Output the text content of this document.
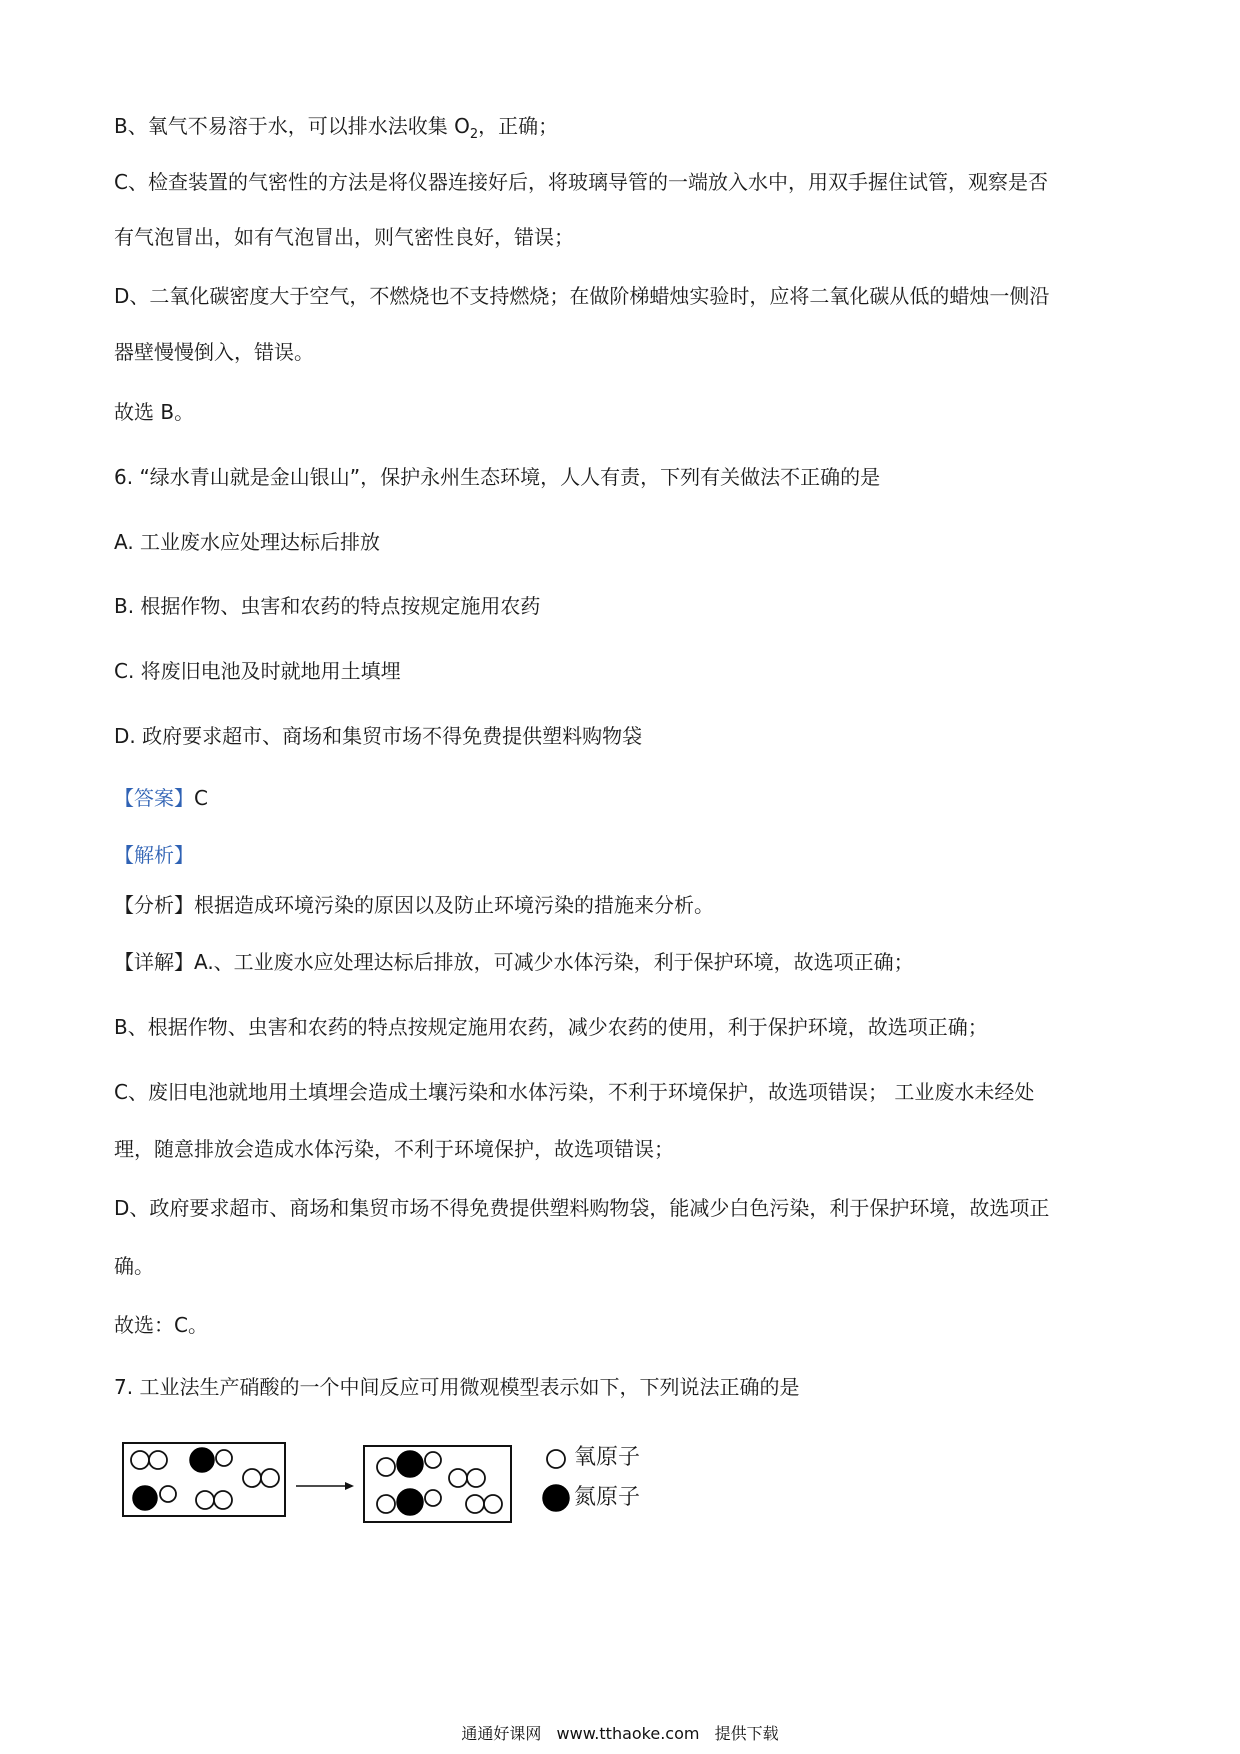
B、氧气不易溶于水，可以排水法收集 $O_2$，正确；
C、检查装置的气密性的方法是将仪器连接好后，将玻璃导管的一端放入水中，用双手握住试管，观察是否
有气泡冒出，如有气泡冒出，则气密性良好，错误；
D、二氧化碳密度大于空气，不燃烧也不支持燃烧；在做阶梯蜡烛实验时，应将二氧化碳从低的蜡烛一侧沿
器壁慢慢倒入，错误。
故选 B。
6. “绿水青山就是金山银山”，保护永州生态环境，人人有责，下列有关做法不正确的是
A. 工业废水应处理达标后排放
B. 根据作物、虫害和农药的特点按规定施用农药
C. 将废旧电池及时就地用土填埋
D. 政府要求超市、商场和集贸市场不得免费提供塑料购物袋
【答案】C
【解析】
【分析】根据造成环境污染的原因以及防止环境污染的措施来分析。
【详解】A.、工业废水应处理达标后排放，可减少水体污染，利于保护环境，故选项正确；
B、根据作物、虫害和农药的特点按规定施用农药，减少农药的使用，利于保护环境，故选项正确；
C、废旧电池就地用土填埋会造成土壤污染和水体污染，不利于环境保护，故选项错误； 工业废水未经处
理，随意排放会造成水体污染，不利于环境保护，故选项错误；
D、政府要求超市、商场和集贸市场不得免费提供塑料购物袋，能减少白色污染，利于保护环境，故选项正
确。
故选：C。
7. 工业法生产硝酸的一个中间反应可用微观模型表示如下，下列说法正确的是
氧原子
氮原子
通通好课网 www.tthaoke.com 提供下载
